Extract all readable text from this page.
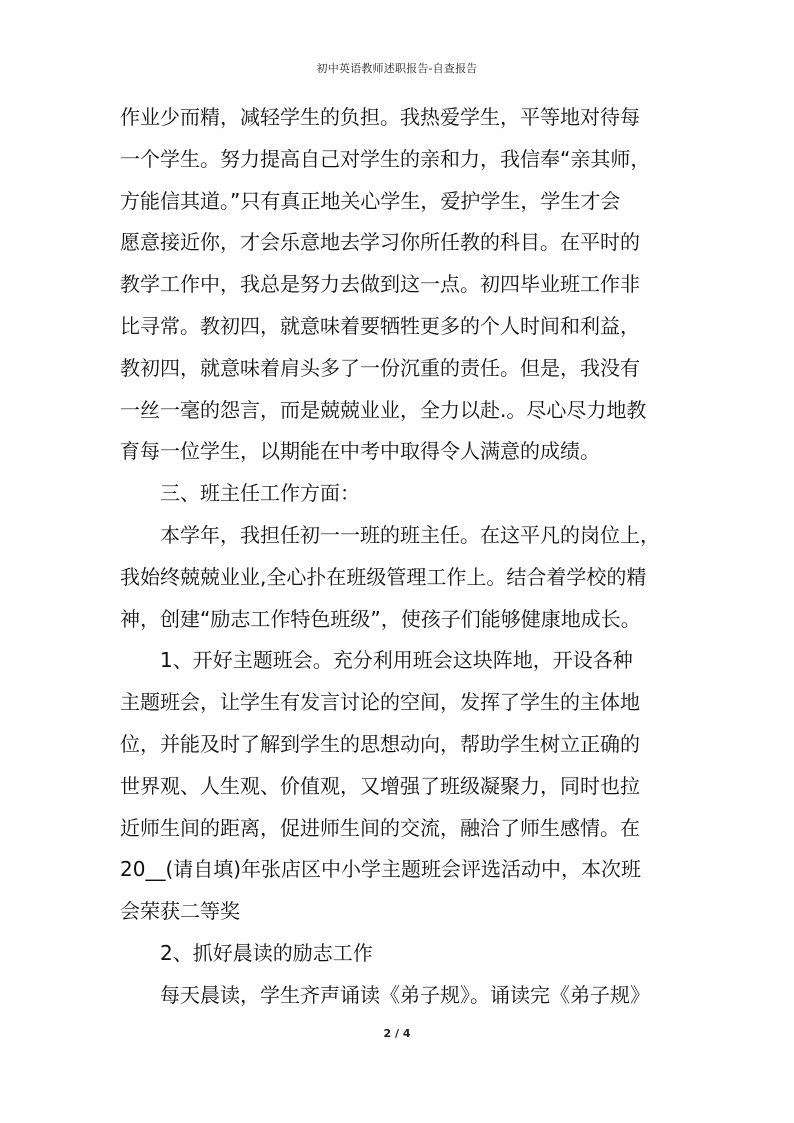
初中英语教师述职报告-自查报告

作业少而精，减轻学生的负担。我热爱学生，平等地对待每

一个学生。努力提高自己对学生的亲和力，我信奉“亲其师，

方能信其道。”只有真正地关心学生，爱护学生，学生才会

愿意接近你，才会乐意地去学习你所任教的科目。在平时的

教学工作中，我总是努力去做到这一点。初四毕业班工作非

比寻常。教初四，就意味着要牺牲更多的个人时间和利益，

教初四，就意味着肩头多了一份沉重的责任。但是，我没有

一丝一毫的怨言，而是兢兢业业，全力以赴.。尽心尽力地教

育每一位学生，以期能在中考中取得令人满意的成绩。

　　三、班主任工作方面：

　　本学年，我担任初一一班的班主任。在这平凡的岗位上，

我始终兢兢业业,全心扑在班级管理工作上。结合着学校的精

神，创建“励志工作特色班级”，使孩子们能够健康地成长。

　　1、开好主题班会。充分利用班会这块阵地，开设各种

主题班会，让学生有发言讨论的空间，发挥了学生的主体地

位，并能及时了解到学生的思想动向，帮助学生树立正确的

世界观、人生观、价值观，又增强了班级凝聚力，同时也拉

近师生间的距离，促进师生间的交流，融洽了师生感情。在

20__(请自填)年张店区中小学主题班会评选活动中，本次班

会荣获二等奖

　　2、抓好晨读的励志工作

　　每天晨读，学生齐声诵读《弟子规》。诵读完《弟子规》

2 / 4
